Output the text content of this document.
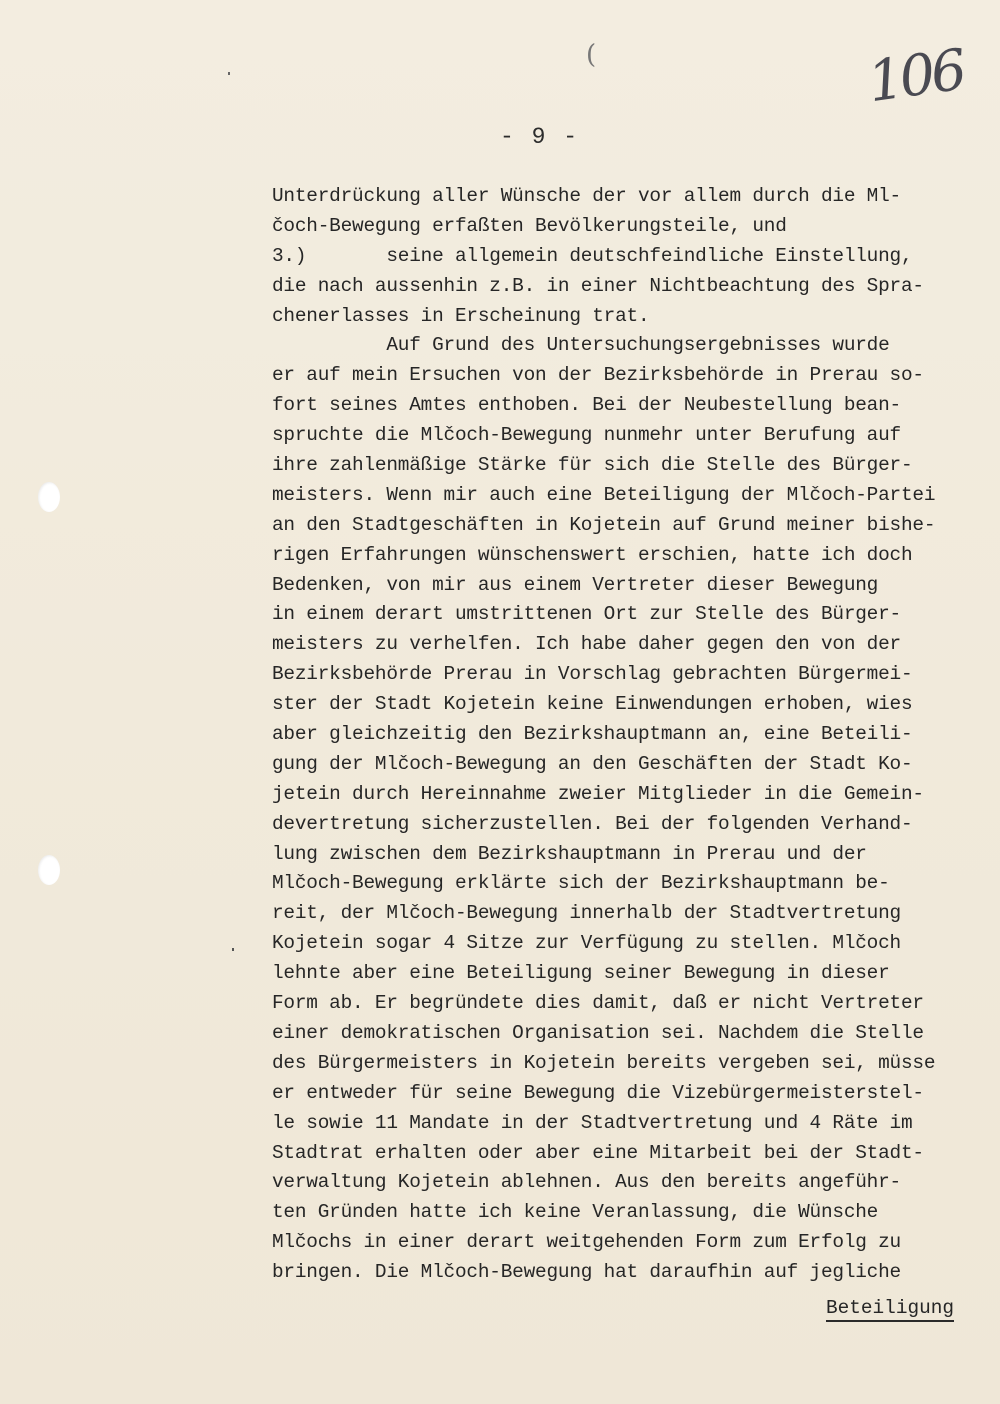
(	106
- 9 -
Unterdrückung aller Wünsche der vor allem durch die Ml-
čoch-Bewegung erfaßten Bevölkerungsteile, und
3.)       seine allgemein deutschfeindliche Einstellung,
die nach aussenhin z.B. in einer Nichtbeachtung des Spra-
chenerlasses in Erscheinung trat.
Auf Grund des Untersuchungsergebnisses wurde
er auf mein Ersuchen von der Bezirksbehörde in Prerau so-
fort seines Amtes enthoben. Bei der Neubestellung bean-
spruchte die Mlčoch-Bewegung nunmehr unter Berufung auf
ihre zahlenmäßige Stärke für sich die Stelle des Bürger-
meisters. Wenn mir auch eine Beteiligung der Mlčoch-Partei
an den Stadtgeschäften in Kojetein auf Grund meiner bishe-
rigen Erfahrungen wünschenswert erschien, hatte ich doch
Bedenken, von mir aus einem Vertreter dieser Bewegung
in einem derart umstrittenen Ort zur Stelle des Bürger-
meisters zu verhelfen. Ich habe daher gegen den von der
Bezirksbehörde Prerau in Vorschlag gebrachten Bürgermei-
ster der Stadt Kojetein keine Einwendungen erhoben, wies
aber gleichzeitig den Bezirkshauptmann an, eine Beteili-
gung der Mlčoch-Bewegung an den Geschäften der Stadt Ko-
jetein durch Hereinnahme zweier Mitglieder in die Gemein-
devertretung sicherzustellen. Bei der folgenden Verhand-
lung zwischen dem Bezirkshauptmann in Prerau und der
Mlčoch-Bewegung erklärte sich der Bezirkshauptmann be-
reit, der Mlčoch-Bewegung innerhalb der Stadtvertretung
Kojetein sogar 4 Sitze zur Verfügung zu stellen. Mlčoch
lehnte aber eine Beteiligung seiner Bewegung in dieser
Form ab. Er begründete dies damit, daß er nicht Vertreter
einer demokratischen Organisation sei. Nachdem die Stelle
des Bürgermeisters in Kojetein bereits vergeben sei, müsse
er entweder für seine Bewegung die Vizebürgermeisterstel-
le sowie 11 Mandate in der Stadtvertretung und 4 Räte im
Stadtrat erhalten oder aber eine Mitarbeit bei der Stadt-
verwaltung Kojetein ablehnen. Aus den bereits angeführ-
ten Gründen hatte ich keine Veranlassung, die Wünsche
Mlčochs in einer derart weitgehenden Form zum Erfolg zu
bringen. Die Mlčoch-Bewegung hat daraufhin auf jegliche
Beteiligung
